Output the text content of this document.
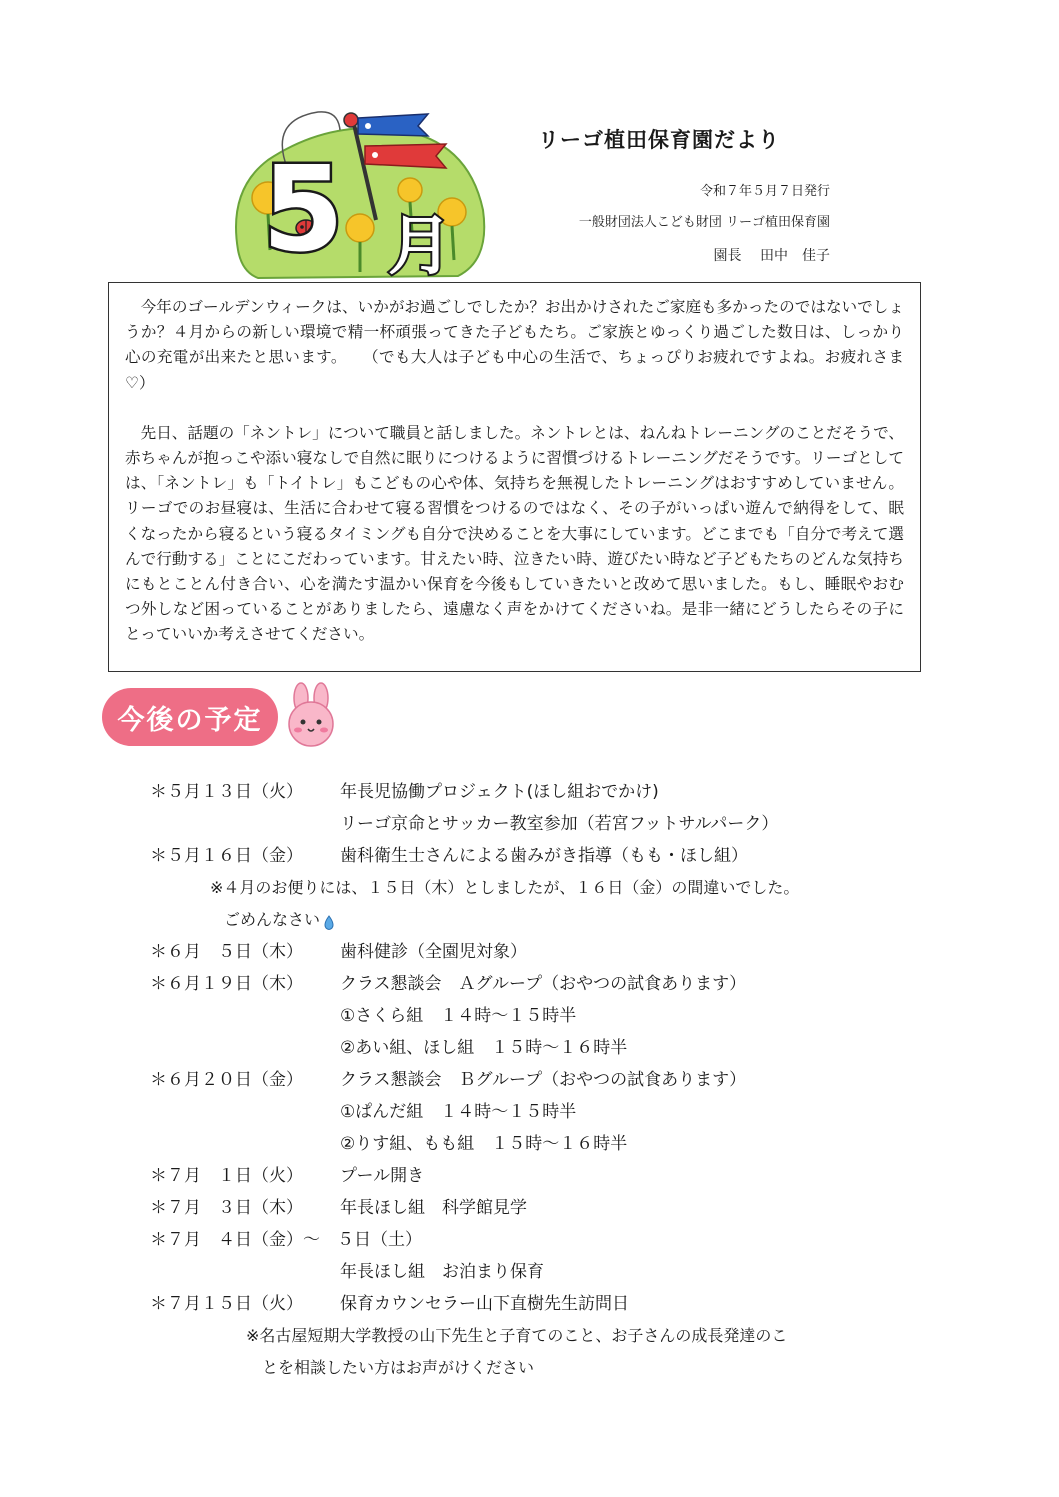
5 月
リーゴ植田保育園だより
令和７年５月７日発行
一般財団法人こども財団 リーゴ植田保育園
園長　 田中　佳子

今年のゴールデンウィークは、いかがお過ごしでしたか？お出かけされたご家庭も多かったのではないでしょうか？４月からの新しい環境で精一杯頑張ってきた子どもたち。ご家族とゆっくり過ごした数日は、しっかり心の充電が出来たと思います。　　（でも大人は子ども中心の生活で、ちょっぴりお疲れですよね。お疲れさま♡）

先日、話題の「ネントレ」について職員と話しました。ネントレとは、ねんねトレーニングのことだそうで、赤ちゃんが抱っこや添い寝なしで自然に眠りにつけるように習慣づけるトレーニングだそうです。リーゴとしては、「ネントレ」も「トイトレ」もこどもの心や体、気持ちを無視したトレーニングはおすすめしていません。リーゴでのお昼寝は、生活に合わせて寝る習慣をつけるのではなく、その子がいっぱい遊んで納得をして、眠くなったから寝るという寝るタイミングも自分で決めることを大事にしています。どこまでも「自分で考えて選んで行動する」ことにこだわっています。甘えたい時、泣きたい時、遊びたい時など子どもたちのどんな気持ちにもとことん付き合い、心を満たす温かい保育を今後もしていきたいと改めて思いました。もし、睡眠やおむつ外しなど困っていることがありましたら、遠慮なく声をかけてくださいね。是非一緒にどうしたらその子にとっていいか考えさせてください。

今後の予定
＊５月１３日（火） 年長児協働プロジェクト(ほし組おでかけ)
リーゴ京命とサッカー教室参加（若宮フットサルパーク）
＊５月１６日（金） 歯科衛生士さんによる歯みがき指導（もも・ほし組）
※４月のお便りには、１５日（木）としましたが、１６日（金）の間違いでした。
ごめんなさい
＊６月　５日（木） 歯科健診（全園児対象）
＊６月１９日（木） クラス懇談会　Ａグループ（おやつの試食あります）
①さくら組　１４時～１５時半
②あい組、ほし組　１５時～１６時半
＊６月２０日（金） クラス懇談会　Ｂグループ（おやつの試食あります）
①ぱんだ組　１４時～１５時半
②りす組、もも組　１５時～１６時半
＊７月　１日（火） プール開き
＊７月　３日（木） 年長ほし組　科学館見学
＊７月　４日（金）～　５日（土）
年長ほし組　お泊まり保育
＊７月１５日（火） 保育カウンセラー山下直樹先生訪問日
※名古屋短期大学教授の山下先生と子育てのこと、お子さんの成長発達のこ
とを相談したい方はお声がけください
